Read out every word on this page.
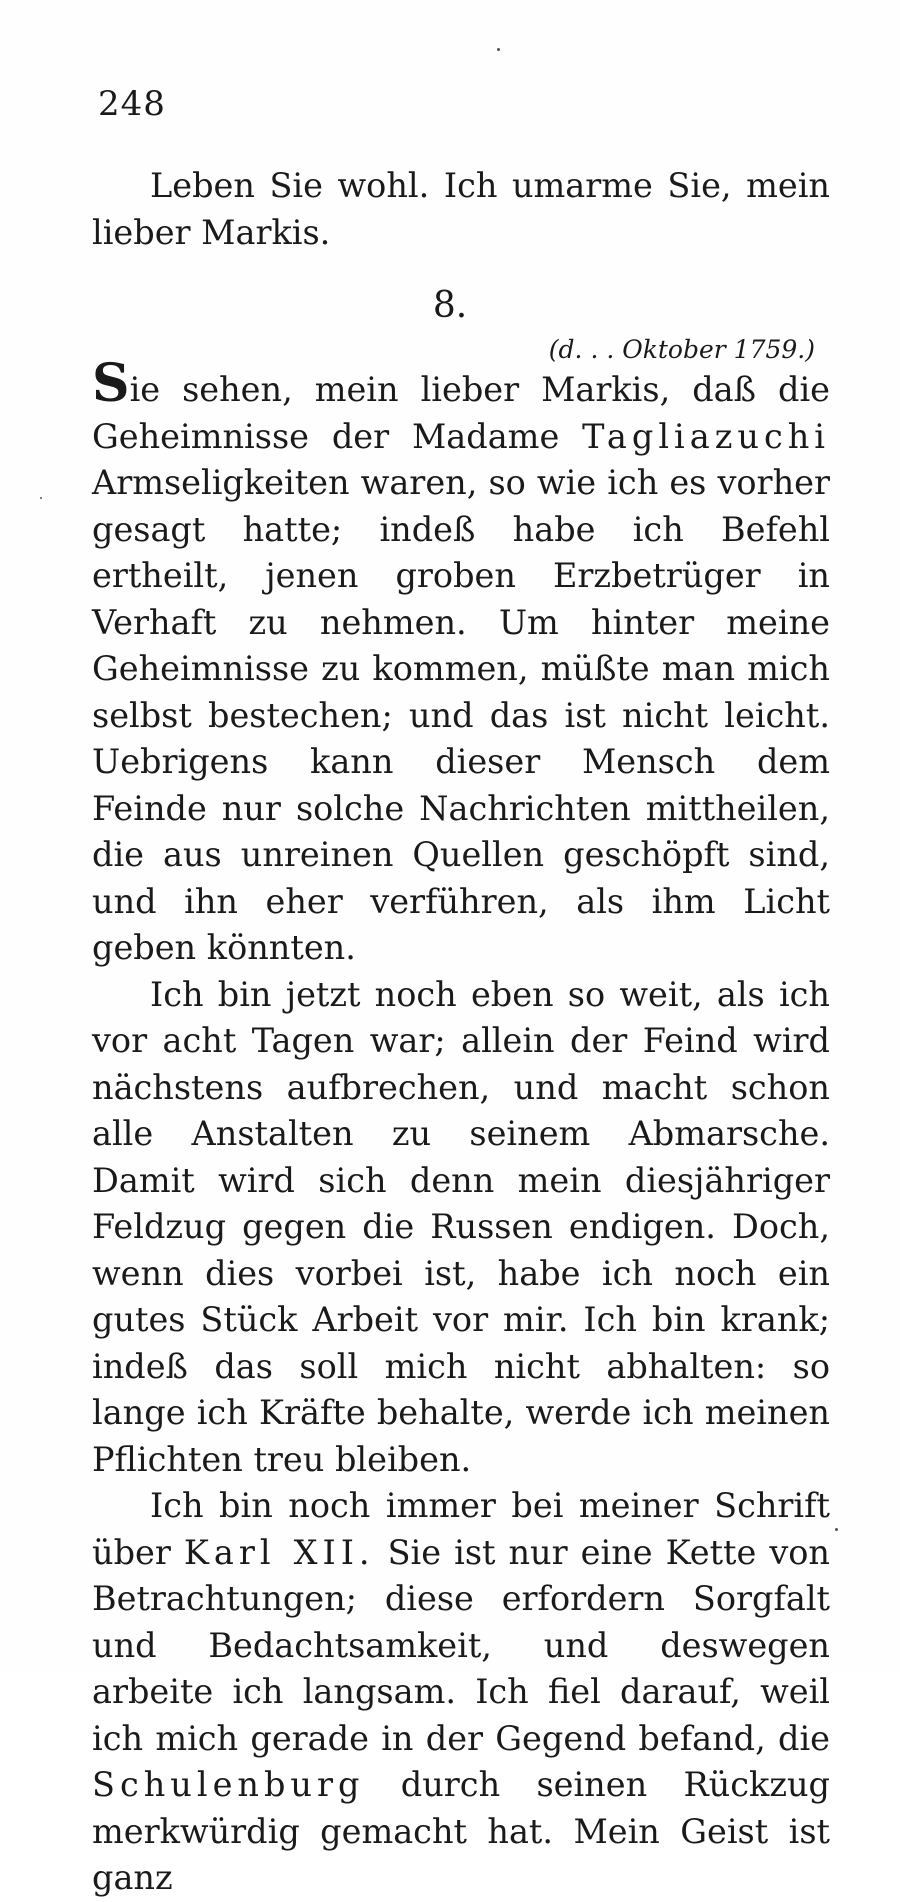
248

Leben Sie wohl. Ich umarme Sie, mein lieber Markis.

8.
(d. . . Oktober 1759.)

Sie sehen, mein lieber Markis, daß die Geheimnisse der Madame Tagliazuchi Armseligkeiten waren, so wie ich es vorher gesagt hatte; indeß habe ich Befehl ertheilt, jenen groben Erzbetrüger in Verhaft zu nehmen. Um hinter meine Geheimnisse zu kommen, müßte man mich selbst bestechen; und das ist nicht leicht. Uebrigens kann dieser Mensch dem Feinde nur solche Nachrichten mittheilen, die aus unreinen Quellen geschöpft sind, und ihn eher verführen, als ihm Licht geben könnten.

Ich bin jetzt noch eben so weit, als ich vor acht Tagen war; allein der Feind wird nächstens aufbrechen, und macht schon alle Anstalten zu seinem Abmarsche. Damit wird sich denn mein diesjähriger Feldzug gegen die Russen endigen. Doch, wenn dies vorbei ist, habe ich noch ein gutes Stück Arbeit vor mir. Ich bin krank; indeß das soll mich nicht abhalten: so lange ich Kräfte behalte, werde ich meinen Pflichten treu bleiben.

Ich bin noch immer bei meiner Schrift über Karl XII. Sie ist nur eine Kette von Betrachtungen; diese erfordern Sorgfalt und Bedachtsamkeit, und deswegen arbeite ich langsam. Ich fiel darauf, weil ich mich gerade in der Gegend befand, die Schulenburg durch seinen Rückzug merkwürdig gemacht hat. Mein Geist ist ganz
